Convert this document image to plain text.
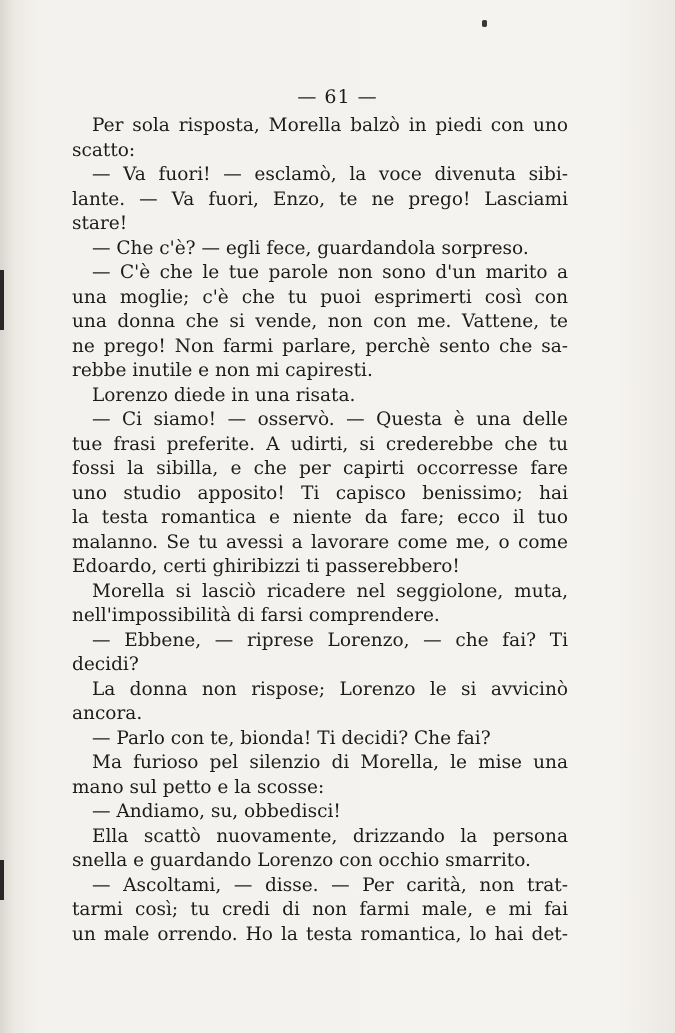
— 61 —
Per sola risposta, Morella balzò in piedi con uno
scatto:
— Va fuori! — esclamò, la voce divenuta sibi-
lante. — Va fuori, Enzo, te ne prego! Lasciami
stare!
— Che c'è? — egli fece, guardandola sorpreso.
— C'è che le tue parole non sono d'un marito a
una moglie; c'è che tu puoi esprimerti così con
una donna che si vende, non con me. Vattene, te
ne prego! Non farmi parlare, perchè sento che sa-
rebbe inutile e non mi capiresti.
Lorenzo diede in una risata.
— Ci siamo! — osservò. — Questa è una delle
tue frasi preferite. A udirti, si crederebbe che tu
fossi la sibilla, e che per capirti occorresse fare
uno studio apposito! Ti capisco benissimo; hai
la testa romantica e niente da fare; ecco il tuo
malanno. Se tu avessi a lavorare come me, o come
Edoardo, certi ghiribizzi ti passerebbero!
Morella si lasciò ricadere nel seggiolone, muta,
nell'impossibilità di farsi comprendere.
— Ebbene, — riprese Lorenzo, — che fai? Ti
decidi?
La donna non rispose; Lorenzo le si avvicinò
ancora.
— Parlo con te, bionda! Ti decidi? Che fai?
Ma furioso pel silenzio di Morella, le mise una
mano sul petto e la scosse:
— Andiamo, su, obbedisci!
Ella scattò nuovamente, drizzando la persona
snella e guardando Lorenzo con occhio smarrito.
— Ascoltami, — disse. — Per carità, non trat-
tarmi così; tu credi di non farmi male, e mi fai
un male orrendo. Ho la testa romantica, lo hai det-
